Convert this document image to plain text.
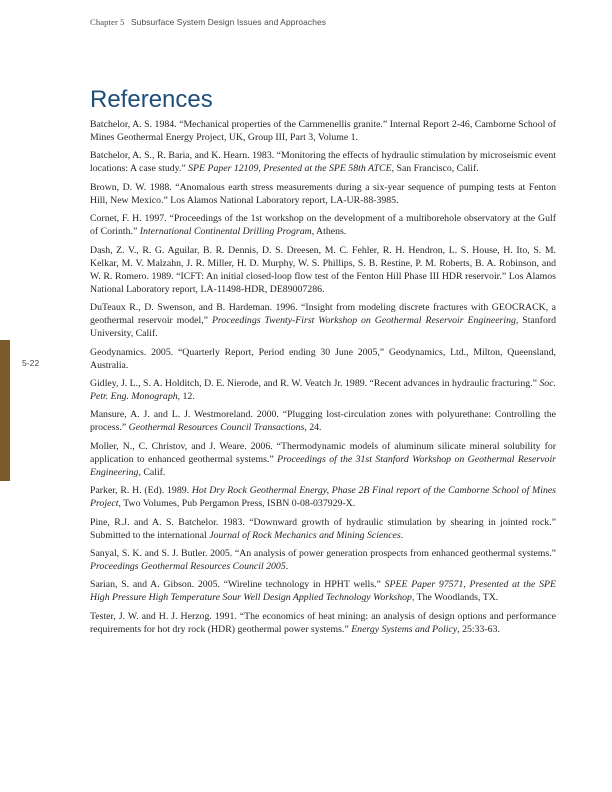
Chapter 5 Subsurface System Design Issues and Approaches
5-22
References

Batchelor, A. S. 1984. “Mechanical properties of the Carnmenellis granite.” Internal Report 2-46, Camborne School of Mines Geothermal Energy Project, UK, Group III, Part 3, Volume 1.

Batchelor, A. S., R. Baria, and K. Hearn. 1983. “Monitoring the effects of hydraulic stimulation by microseismic event locations: A case study.” SPE Paper 12109, Presented at the SPE 58th ATCE, San Francisco, Calif.

Brown, D. W. 1988. “Anomalous earth stress measurements during a six-year sequence of pumping tests at Fenton Hill, New Mexico.” Los Alamos National Laboratory report, LA-UR-88-3985.

Cornet, F. H. 1997. “Proceedings of the 1st workshop on the development of a multiborehole observatory at the Gulf of Corinth.” International Continental Drilling Program, Athens.

Dash, Z. V., R. G. Aguilar, B. R. Dennis, D. S. Dreesen, M. C. Fehler, R. H. Hendron, L. S. House, H. Ito, S. M. Kelkar, M. V. Malzahn, J. R. Miller, H. D. Murphy, W. S. Phillips, S. B. Restine, P. M. Roberts, B. A. Robinson, and W. R. Romero. 1989. “ICFT: An initial closed-loop flow test of the Fenton Hill Phase III HDR reservoir.” Los Alamos National Laboratory report, LA-11498-HDR, DE89007286.

DuTeaux R., D. Swenson, and B. Hardeman. 1996. “Insight from modeling discrete fractures with GEOCRACK, a geothermal reservoir model,” Proceedings Twenty-First Workshop on Geothermal Reservoir Engineering, Stanford University, Calif.

Geodynamics. 2005. “Quarterly Report, Period ending 30 June 2005,” Geodynamics, Ltd., Milton, Queensland, Australia.

Gidley, J. L., S. A. Holditch, D. E. Nierode, and R. W. Veatch Jr. 1989. “Recent advances in hydraulic fracturing.” Soc. Petr. Eng. Monograph, 12.

Mansure, A. J. and L. J. Westmoreland. 2000. “Plugging lost-circulation zones with polyurethane: Controlling the process.” Geothermal Resources Council Transactions, 24.

Moller, N., C. Christov, and J. Weare. 2006. “Thermodynamic models of aluminum silicate mineral solubility for application to enhanced geothermal systems.” Proceedings of the 31st Stanford Workshop on Geothermal Reservoir Engineering, Calif.

Parker, R. H. (Ed). 1989. Hot Dry Rock Geothermal Energy, Phase 2B Final report of the Camborne School of Mines Project, Two Volumes, Pub Pergamon Press, ISBN 0-08-037929-X.

Pine, R.J. and A. S. Batchelor. 1983. “Downward growth of hydraulic stimulation by shearing in jointed rock.” Submitted to the international Journal of Rock Mechanics and Mining Sciences.

Sanyal, S. K. and S. J. Butler. 2005. “An analysis of power generation prospects from enhanced geothermal systems.” Proceedings Geothermal Resources Council 2005.

Sarian, S. and A. Gibson. 2005. “Wireline technology in HPHT wells.” SPEE Paper 97571, Presented at the SPE High Pressure High Temperature Sour Well Design Applied Technology Workshop, The Woodlands, TX.

Tester, J. W. and H. J. Herzog. 1991. “The economics of heat mining: an analysis of design options and performance requirements for hot dry rock (HDR) geothermal power systems.” Energy Systems and Policy, 25:33-63.
